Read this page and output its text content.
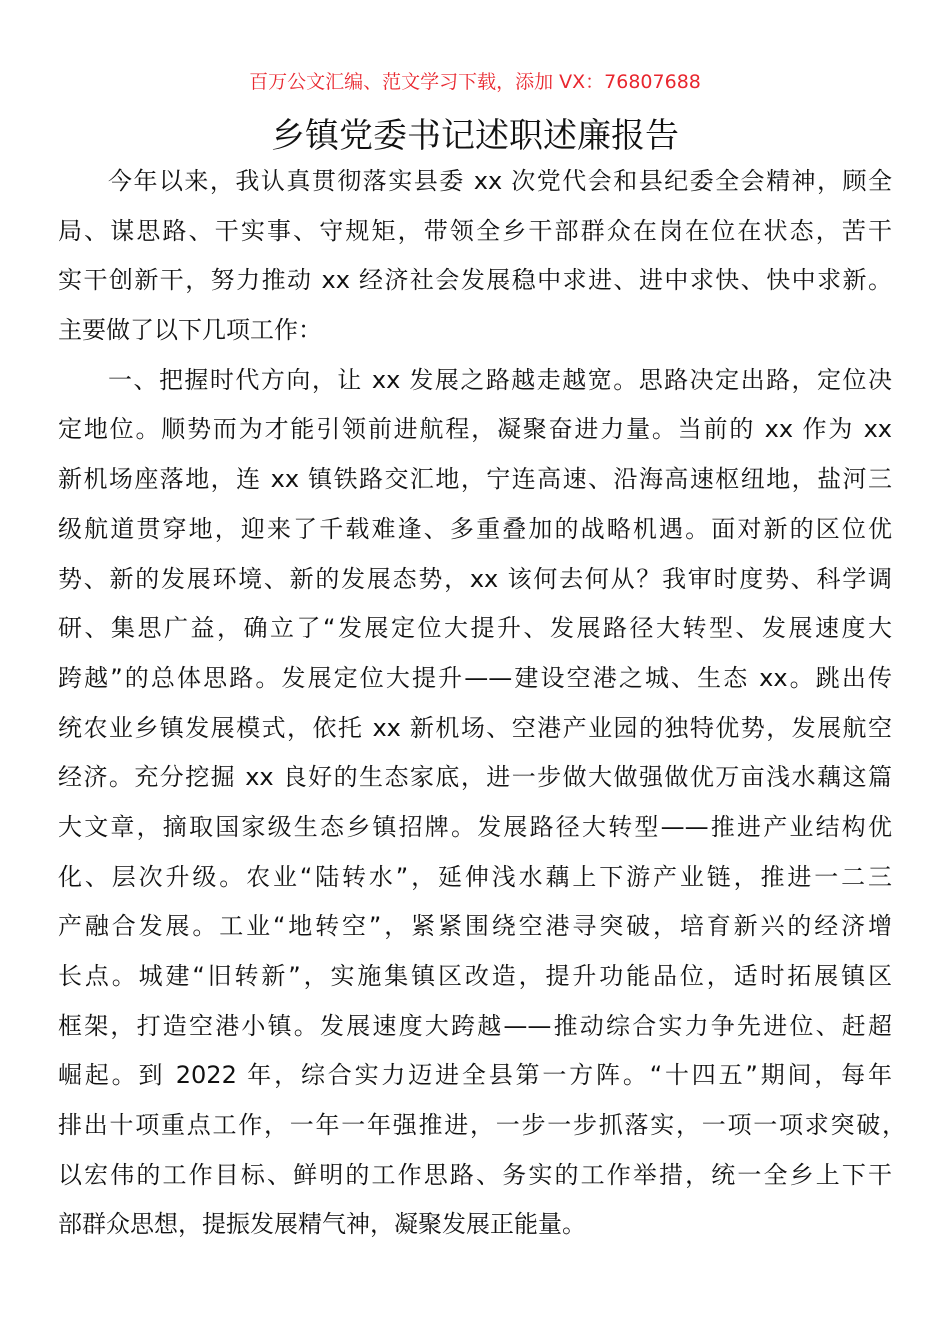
百万公文汇编、范文学习下载，添加 VX：76807688
乡镇党委书记述职述廉报告
今年以来，我认真贯彻落实县委 xx 次党代会和县纪委全会精神，顾全
局、谋思路、干实事、守规矩，带领全乡干部群众在岗在位在状态，苦干
实干创新干，努力推动 xx 经济社会发展稳中求进、进中求快、快中求新。
主要做了以下几项工作：
一、把握时代方向，让 xx 发展之路越走越宽。思路决定出路，定位决
定地位。顺势而为才能引领前进航程，凝聚奋进力量。当前的 xx 作为 xx
新机场座落地，连 xx 镇铁路交汇地，宁连高速、沿海高速枢纽地，盐河三
级航道贯穿地，迎来了千载难逢、多重叠加的战略机遇。面对新的区位优
势、新的发展环境、新的发展态势，xx 该何去何从？我审时度势、科学调
研、集思广益，确立了“发展定位大提升、发展路径大转型、发展速度大
跨越”的总体思路。发展定位大提升——建设空港之城、生态 xx。跳出传
统农业乡镇发展模式，依托 xx 新机场、空港产业园的独特优势，发展航空
经济。充分挖掘 xx 良好的生态家底，进一步做大做强做优万亩浅水藕这篇
大文章，摘取国家级生态乡镇招牌。发展路径大转型——推进产业结构优
化、层次升级。农业“陆转水”，延伸浅水藕上下游产业链，推进一二三
产融合发展。工业“地转空”，紧紧围绕空港寻突破，培育新兴的经济增
长点。城建“旧转新”，实施集镇区改造，提升功能品位，适时拓展镇区
框架，打造空港小镇。发展速度大跨越——推动综合实力争先进位、赶超
崛起。到 2022 年，综合实力迈进全县第一方阵。“十四五”期间，每年
排出十项重点工作，一年一年强推进，一步一步抓落实，一项一项求突破，
以宏伟的工作目标、鲜明的工作思路、务实的工作举措，统一全乡上下干
部群众思想，提振发展精气神，凝聚发展正能量。
